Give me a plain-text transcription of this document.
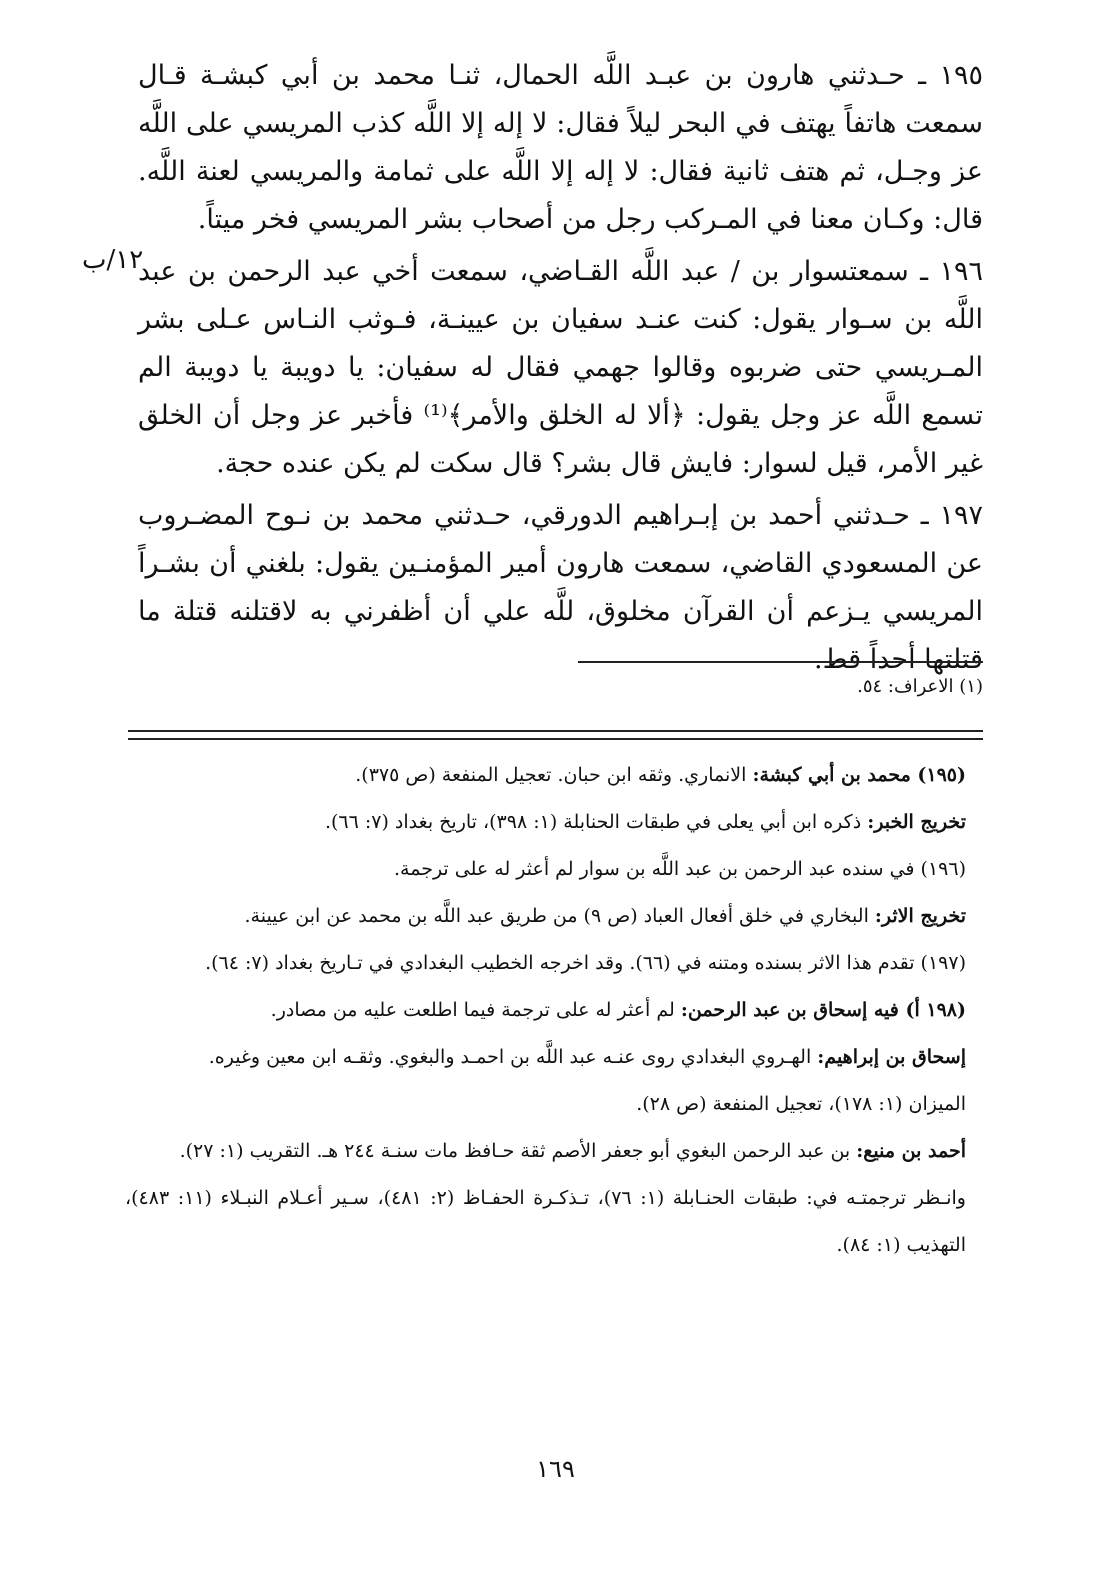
١٩٥ ـ حـدثني هارون بن عبـد اللَّه الحمال، ثنـا محمد بن أبي كبشـة قـال سمعت هاتفاً يهتف في البحر ليلاً فقال: لا إله إلا اللَّه كذب المريسي على اللَّه عز وجـل، ثم هتف ثانية فقال: لا إله إلا اللَّه على ثمامة والمريسي لعنة اللَّه. قال: وكـان معنا في المـركب رجل من أصحاب بشر المريسي فخر ميتاً.

١٩٦ ـ سمعتسوار بن / عبد اللَّه القـاضي، سمعت أخي عبد الرحمن بن عبد اللَّه بن سـوار يقول: كنت عنـد سفيان بن عيينـة، فـوثب النـاس عـلى بشر المـريسي حتى ضربوه وقالوا جهمي فقال له سفيان: يا دويبة يا دويبة الم تسمع اللَّه عز وجل يقول: ﴿ألا له الخلق والأمر﴾⁽¹⁾ فأخبر عز وجل أن الخلق غير الأمر، قيل لسوار: فايش قال بشر؟ قال سكت لم يكن عنده حجة.

١٩٧ ـ حـدثني أحمد بن إبـراهيم الدورقي، حـدثني محمد بن نـوح المضـروب عن المسعودي القاضي، سمعت هارون أمير المؤمنـين يقول: بلغني أن بشـراً المريسي يـزعم أن القرآن مخلوق، للَّه علي أن أظفرني به لاقتلنه قتلة ما قتلتها أحداً قط.

١٢/ب
(١) الاعراف: ٥٤.

(١٩٥) محمد بن أبي كبشة: الانماري. وثقه ابن حبان. تعجيل المنفعة (ص ٣٧٥).

تخريج الخبر: ذكره ابن أبي يعلى في طبقات الحنابلة (١: ٣٩٨)، تاريخ بغداد (٧: ٦٦).

(١٩٦) في سنده عبد الرحمن بن عبد اللَّه بن سوار لم أعثر له على ترجمة.

تخريج الاثر: البخاري في خلق أفعال العباد (ص ٩) من طريق عبد اللَّه بن محمد عن ابن عيينة.

(١٩٧) تقدم هذا الاثر بسنده ومتنه في (٦٦). وقد اخرجه الخطيب البغدادي في تـاريخ بغداد (٧: ٦٤).

(١٩٨ أ) فيه إسحاق بن عبد الرحمن: لم أعثر له على ترجمة فيما اطلعت عليه من مصادر.

إسحاق بن إبراهيم: الهـروي البغدادي روى عنـه عبد اللَّه بن احمـد والبغوي. وثقـه ابن معين وغيره.

الميزان (١: ١٧٨)، تعجيل المنفعة (ص ٢٨).

أحمد بن منيع: بن عبد الرحمن البغوي أبو جعفر الأصم ثقة حـافظ مات سنـة ٢٤٤ هـ. التقريب (١: ٢٧).

وانـظر ترجمتـه في: طبقات الحنـابلة (١: ٧٦)، تـذكـرة الحفـاظ (٢: ٤٨١)، سـير أعـلام النبـلاء (١١: ٤٨٣)، التهذيب (١: ٨٤).

١٦٩
